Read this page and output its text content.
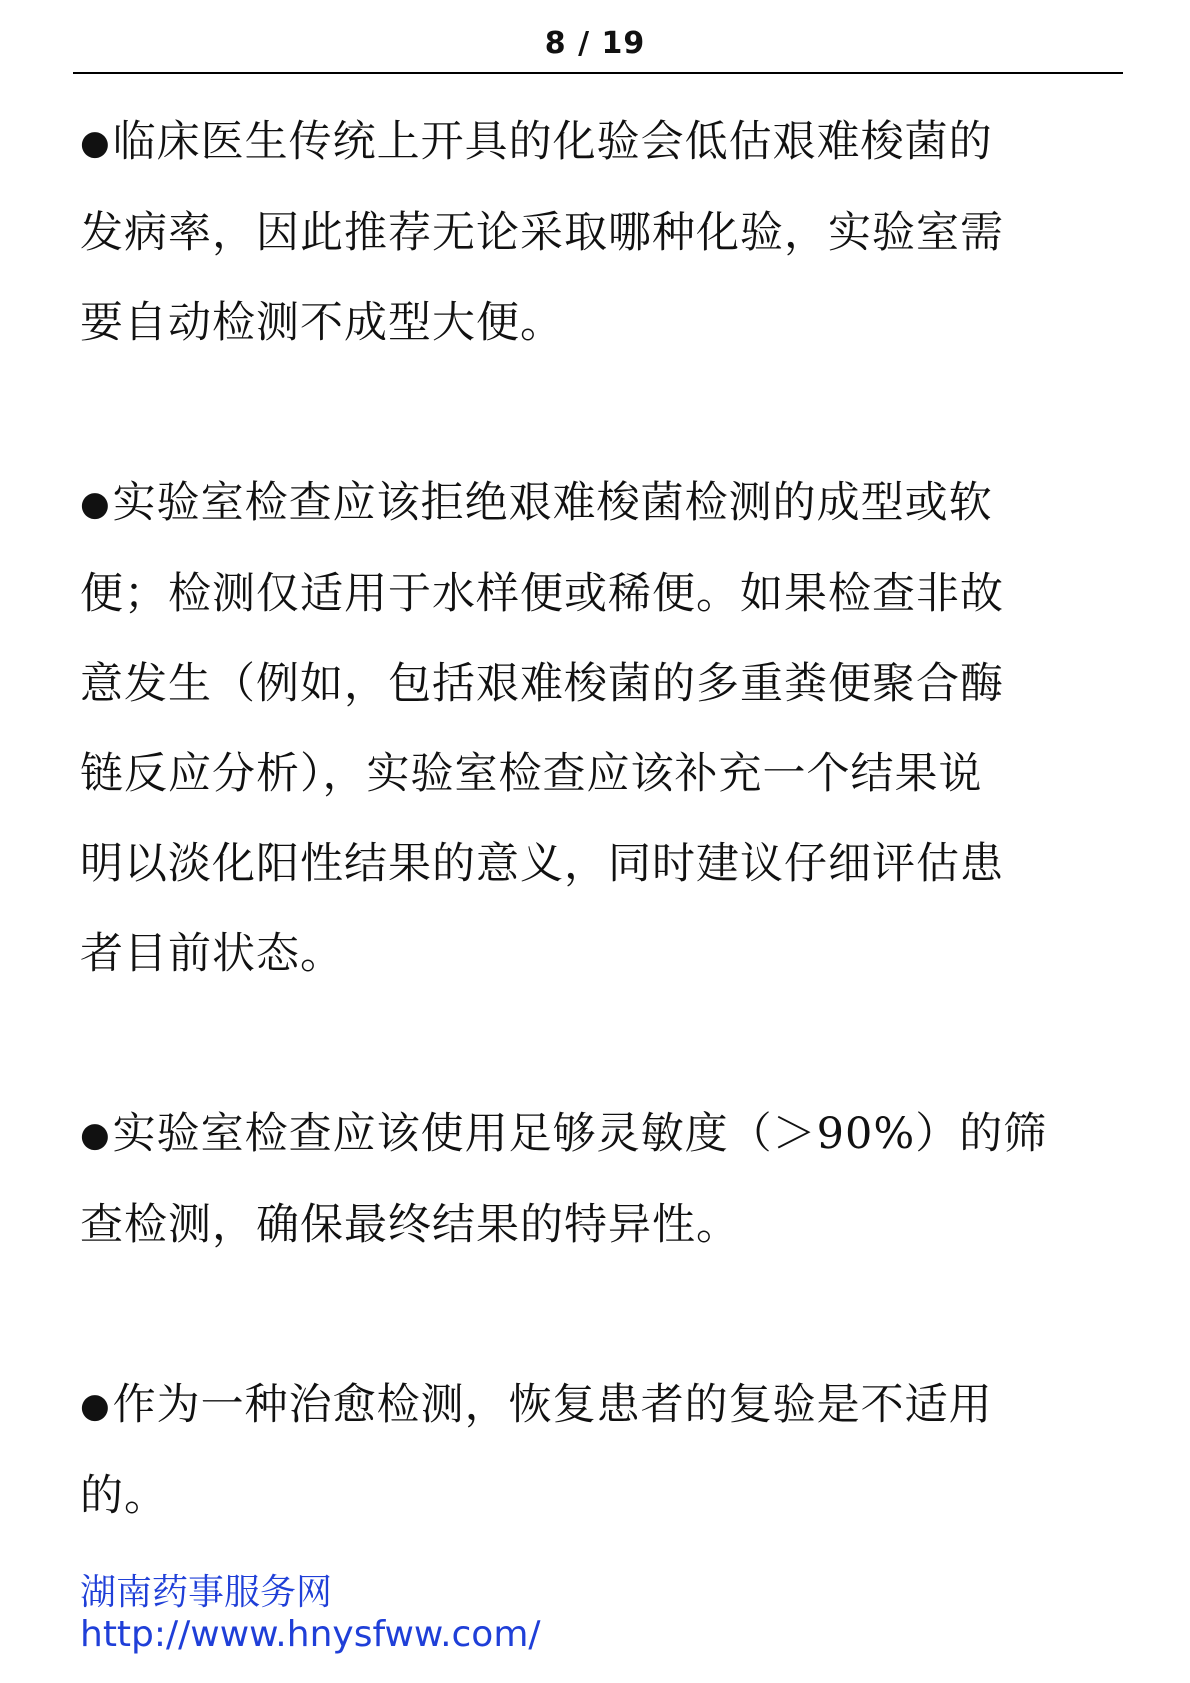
8 / 19
●临床医生传统上开具的化验会低估艰难梭菌的
发病率，因此推荐无论采取哪种化验，实验室需
要自动检测不成型大便。
●实验室检查应该拒绝艰难梭菌检测的成型或软
便；检测仅适用于水样便或稀便。如果检查非故
意发生（例如，包括艰难梭菌的多重粪便聚合酶
链反应分析），实验室检查应该补充一个结果说
明以淡化阳性结果的意义，同时建议仔细评估患
者目前状态。
●实验室检查应该使用足够灵敏度（＞90%）的筛
查检测，确保最终结果的特异性。
●作为一种治愈检测，恢复患者的复验是不适用
的。
湖南药事服务网
http://www.hnysfww.com/
